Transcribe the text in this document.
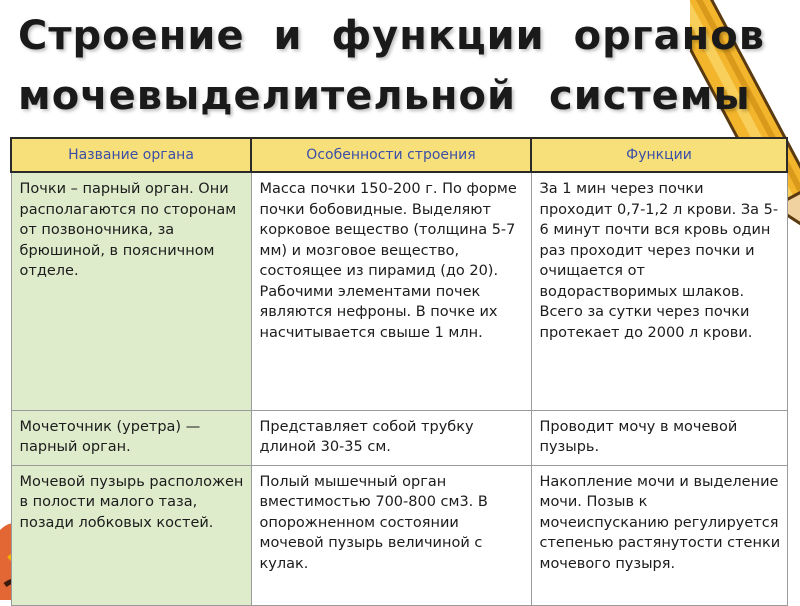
Строение и функции органов
мочевыделительной системы
Название органа	Особенности строения	Функции
Почки – парный орган. Они располагаются по сторонам от позвоночника, за брюшиной, в поясничном отделе.	Масса почки 150-200 г. По форме почки бобовидные. Выделяют корковое вещество (толщина 5-7 мм) и мозговое вещество, состоящее из пирамид (до 20). Рабочими элементами почек являются нефроны. В почке их насчитывается свыше 1 млн.	За 1 мин через почки проходит 0,7-1,2 л крови. За 5-6 минут почти вся кровь один раз проходит через почки и очищается от водорастворимых шлаков. Всего за сутки через почки протекает до 2000 л крови.
Мочеточник (уретра) — парный орган.	Представляет собой трубку длиной 30-35 см.	Проводит мочу в мочевой пузырь.
Мочевой пузырь расположен в полости малого таза, позади лобковых костей.	Полый мышечный орган вместимостью 700-800 см3. В опорожненном состоянии мочевой пузырь величиной с кулак.	Накопление мочи и выделение мочи. Позыв к мочеиспусканию регулируется степенью растянутости стенки мочевого пузыря.
